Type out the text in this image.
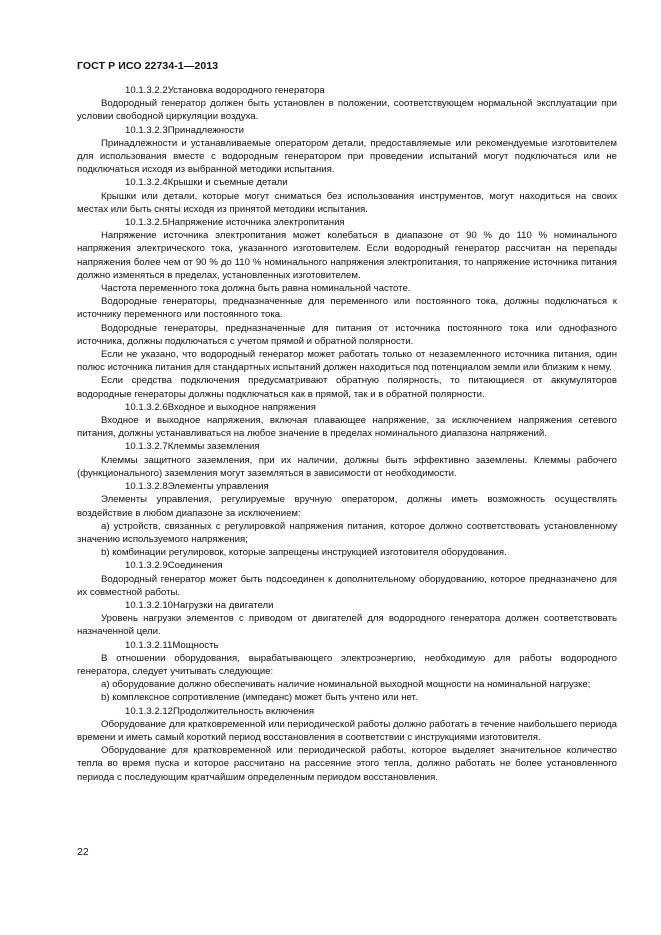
ГОСТ Р ИСО 22734-1—2013

10.1.3.2.2Установка водородного генератора

Водородный генератор должен быть установлен в положении, соответствующем нормальной эксплуатации при условии свободной циркуляции воздуха.

10.1.3.2.3Принадлежности

Принадлежности и устанавливаемые оператором детали, предоставляемые или рекомендуемые изготовителем для использования вместе с водородным генератором при проведении испытаний могут подключаться или не подключаться исходя из выбранной методики испытания.

10.1.3.2.4Крышки и съемные детали

Крышки или детали, которые могут сниматься без использования инструментов, могут находиться на своих местах или быть сняты исходя из принятой методики испытания.

10.1.3.2.5Напряжение источника электропитания

Напряжение источника электропитания может колебаться в диапазоне от 90 % до 110 % номинального напряжения электрического тока, указанного изготовителем. Если водородный генератор рассчитан на перепады напряжения более чем от 90 % до 110 % номинального напряжения электропитания, то напряжение источника питания должно изменяться в пределах, установленных изготовителем.

Частота переменного тока должна быть равна номинальной частоте.

Водородные генераторы, предназначенные для переменного или постоянного тока, должны подключаться к источнику переменного или постоянного тока.

Водородные генераторы, предназначенные для питания от источника постоянного тока или однофазного источника, должны подключаться с учетом прямой и обратной полярности.

Если не указано, что водородный генератор может работать только от незаземленного источника питания, один полюс источника питания для стандартных испытаний должен находиться под потенциалом земли или близким к нему.

Если средства подключения предусматривают обратную полярность, то питающиеся от аккумуляторов водородные генераторы должны подключаться как в прямой, так и в обратной полярности.

10.1.3.2.6Входное и выходное напряжения

Входное и выходное напряжения, включая плавающее напряжение, за исключением напряжения сетевого питания, должны устанавливаться на любое значение в пределах номинального диапазона напряжений.

10.1.3.2.7Клеммы заземления

Клеммы защитного заземления, при их наличии, должны быть эффективно заземлены. Клеммы рабочего (функционального) заземления могут заземляться в зависимости от необходимости.

10.1.3.2.8Элементы управления

Элементы управления, регулируемые вручную оператором, должны иметь возможность осуществлять воздействие в любом диапазоне за исключением:

а) устройств, связанных с регулировкой напряжения питания, которое должно соответствовать установленному значению используемого напряжения;

b) комбинации регулировок, которые запрещены инструкцией изготовителя оборудования.

10.1.3.2.9Соединения

Водородный генератор может быть подсоединен к дополнительному оборудованию, которое предназначено для их совместной работы.

10.1.3.2.10Нагрузки на двигатели

Уровень нагрузки элементов с приводом от двигателей для водородного генератора должен соответствовать назначенной цели.

10.1.3.2.11Мощность

В отношении оборудования, вырабатывающего электроэнергию, необходимую для работы водородного генератора, следует учитывать следующие:

а) оборудование должно обеспечивать наличие номинальной выходной мощности на номинальной нагрузке;

b) комплексное сопротивление (импеданс) может быть учтено или нет.

10.1.3.2.12Продолжительность включения

Оборудование для кратковременной или периодической работы должно работать в течение наибольшего периода времени и иметь самый короткий период восстановления в соответствии с инструкциями изготовителя.

Оборудование для кратковременной или периодической работы, которое выделяет значительное количество тепла во время пуска и которое рассчитано на рассеяние этого тепла, должно работать не более установленного периода с последующим кратчайшим определенным периодом восстановления.

22
